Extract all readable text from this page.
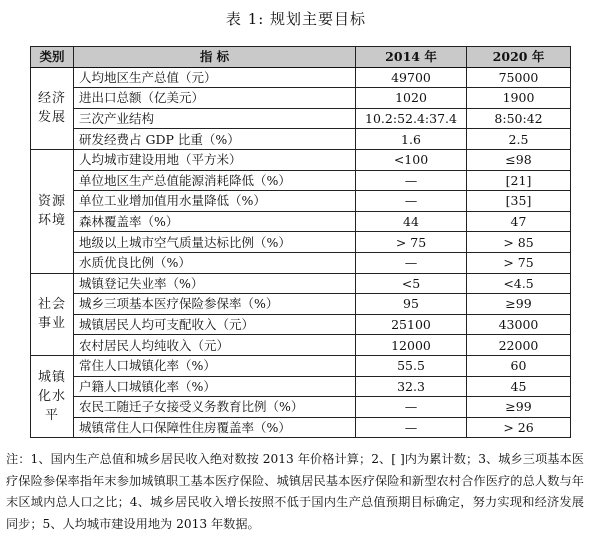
表 1: 规划主要目标
类别	指 标	2014 年	2020 年
经济发展	人均地区生产总值（元）	49700	75000
	进出口总额（亿美元）	1020	1900
	三次产业结构	10.2:52.4:37.4	8:50:42
	研发经费占 GDP 比重（%）	1.6	2.5
资源环境	人均城市建设用地（平方米）	<100	≤98
	单位地区生产总值能源消耗降低（%）	—	[21]
	单位工业增加值用水量降低（%）	—	[35]
	森林覆盖率（%）	44	47
	地级以上城市空气质量达标比例（%）	> 75	> 85
	水质优良比例（%）	—	> 75
社会事业	城镇登记失业率（%）	<5	<4.5
	城乡三项基本医疗保险参保率（%）	95	≥99
	城镇居民人均可支配收入（元）	25100	43000
	农村居民人均纯收入（元）	12000	22000
城镇化水平	常住人口城镇化率（%）	55.5	60
	户籍人口城镇化率（%）	32.3	45
	农民工随迁子女接受义务教育比例（%）	—	≥99
	城镇常住人口保障性住房覆盖率（%）	—	> 26
注：1、国内生产总值和城乡居民收入绝对数按 2013 年价格计算；2、[ ]内为累计数；3、城乡三项基本医疗保险参保率指年末参加城镇职工基本医疗保险、城镇居民基本医疗保险和新型农村合作医疗的总人数与年末区域内总人口之比；4、城乡居民收入增长按照不低于国内生产总值预期目标确定，努力实现和经济发展同步；5、人均城市建设用地为 2013 年数据。
